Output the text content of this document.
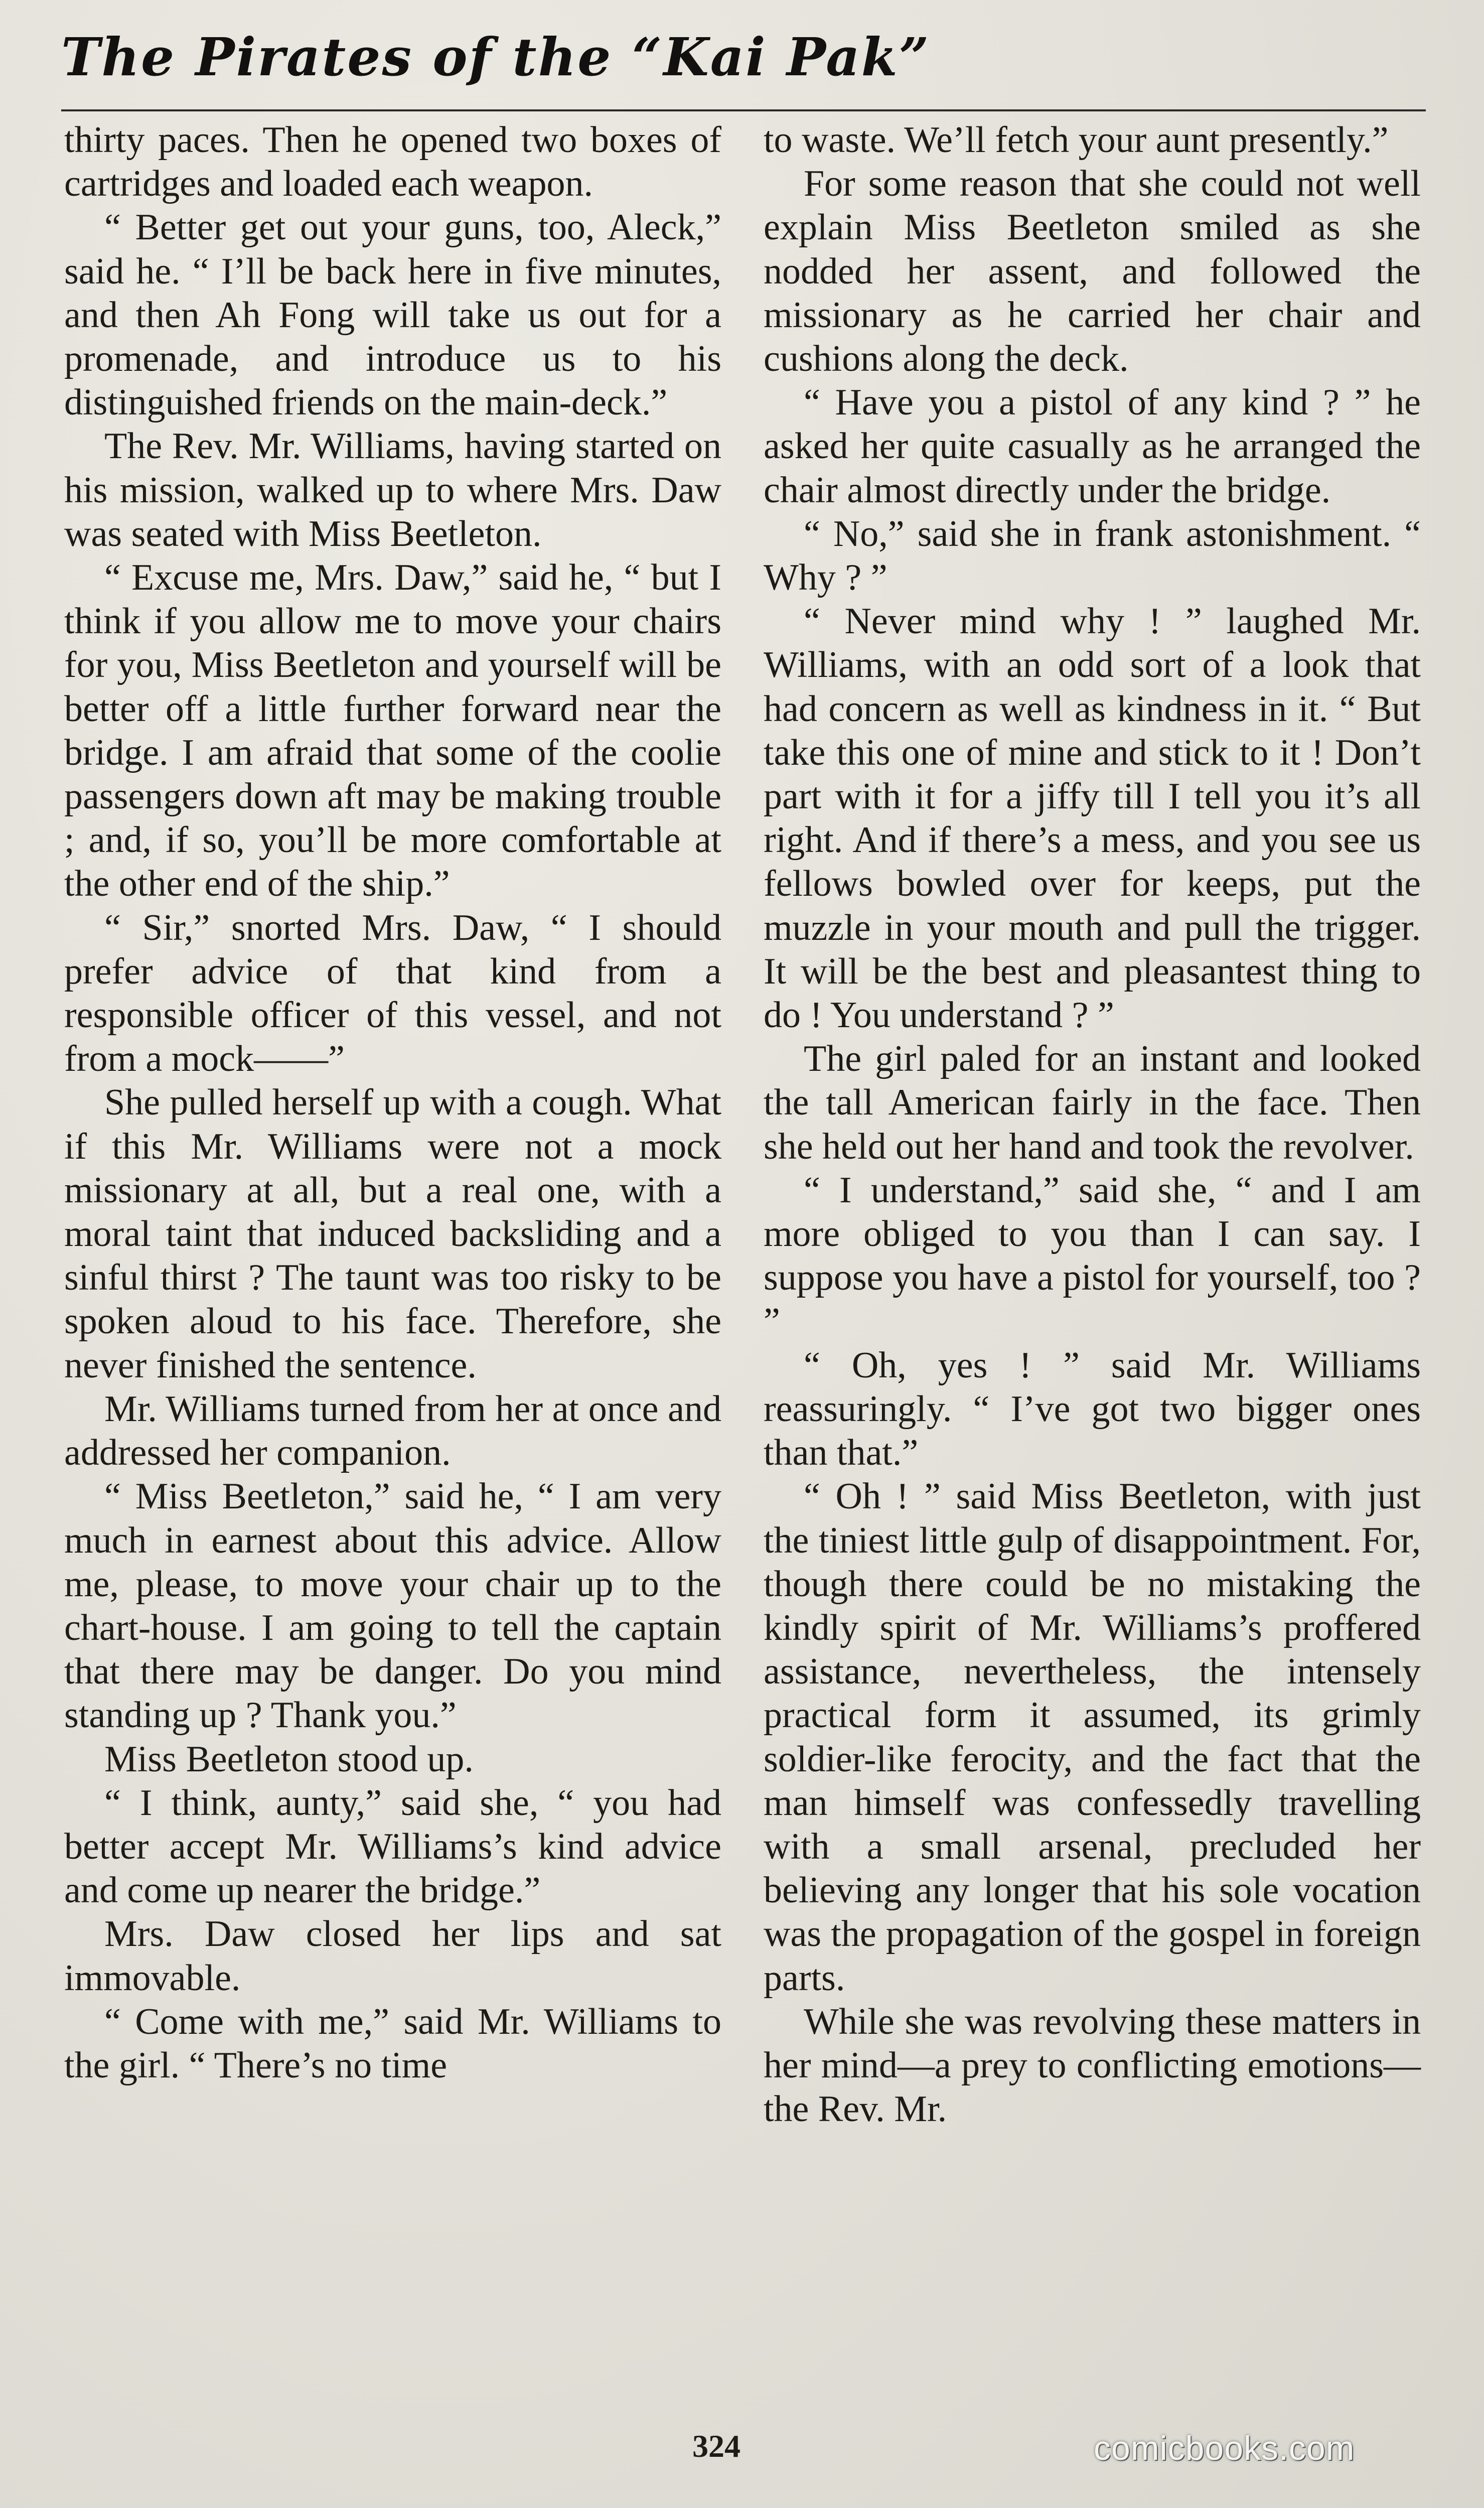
The Pirates of the “Kai Pak”

thirty paces. Then he opened two boxes of cartridges and loaded each weapon.

“ Better get out your guns, too, Aleck,” said he. “ I’ll be back here in five minutes, and then Ah Fong will take us out for a promenade, and introduce us to his distinguished friends on the main-deck.”

The Rev. Mr. Williams, having started on his mission, walked up to where Mrs. Daw was seated with Miss Beetleton.

“ Excuse me, Mrs. Daw,” said he, “ but I think if you allow me to move your chairs for you, Miss Beetleton and yourself will be better off a little further forward near the bridge. I am afraid that some of the coolie passengers down aft may be making trouble ; and, if so, you’ll be more comfortable at the other end of the ship.”

“ Sir,” snorted Mrs. Daw, “ I should prefer advice of that kind from a responsible officer of this vessel, and not from a mock——”

She pulled herself up with a cough. What if this Mr. Williams were not a mock missionary at all, but a real one, with a moral taint that induced backsliding and a sinful thirst ? The taunt was too risky to be spoken aloud to his face. Therefore, she never finished the sentence.

Mr. Williams turned from her at once and addressed her companion.

“ Miss Beetleton,” said he, “ I am very much in earnest about this advice. Allow me, please, to move your chair up to the chart-house. I am going to tell the captain that there may be danger. Do you mind standing up ? Thank you.”

Miss Beetleton stood up.

“ I think, aunty,” said she, “ you had better accept Mr. Williams’s kind advice and come up nearer the bridge.”

Mrs. Daw closed her lips and sat immovable.

“ Come with me,” said Mr. Williams to the girl. “ There’s no time

to waste. We’ll fetch your aunt presently.”

For some reason that she could not well explain Miss Beetleton smiled as she nodded her assent, and followed the missionary as he carried her chair and cushions along the deck.

“ Have you a pistol of any kind ? ” he asked her quite casually as he arranged the chair almost directly under the bridge.

“ No,” said she in frank astonishment. “ Why ? ”

“ Never mind why ! ” laughed Mr. Williams, with an odd sort of a look that had concern as well as kindness in it. “ But take this one of mine and stick to it ! Don’t part with it for a jiffy till I tell you it’s all right. And if there’s a mess, and you see us fellows bowled over for keeps, put the muzzle in your mouth and pull the trigger. It will be the best and pleasantest thing to do ! You understand ? ”

The girl paled for an instant and looked the tall American fairly in the face. Then she held out her hand and took the revolver.

“ I understand,” said she, “ and I am more obliged to you than I can say. I suppose you have a pistol for yourself, too ? ”

“ Oh, yes ! ” said Mr. Williams reassuringly. “ I’ve got two bigger ones than that.”

“ Oh ! ” said Miss Beetleton, with just the tiniest little gulp of disappointment. For, though there could be no mistaking the kindly spirit of Mr. Williams’s proffered assistance, nevertheless, the intensely practical form it assumed, its grimly soldier-like ferocity, and the fact that the man himself was confessedly travelling with a small arsenal, precluded her believing any longer that his sole vocation was the propagation of the gospel in foreign parts.

While she was revolving these matters in her mind—a prey to conflicting emotions—the Rev. Mr.

324	comicbooks.com
